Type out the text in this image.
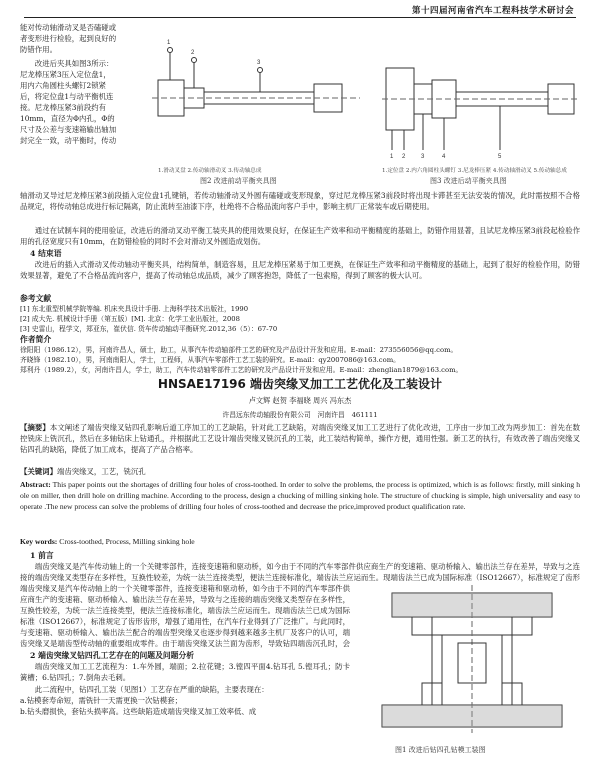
第十四届河南省汽车工程科技学术研讨会
能对传动轴滑动叉是否磕碰或
者变形进行检验，起到良好的
防错作用。
改进后夹具如图3所示：
尼龙棒压紧3压入定位盘1，
用内六角圆柱头螺钉2锁紧
后，将定位盘1与动平衡机连
接。尼龙棒压紧3前段约有
10mm，直径为Φ内孔，Φ的
尺寸及公差与变速箱输出轴加
封完全一致，动平衡时，传动
1
2
3
1.滑动叉盘 2.传动轴滑动叉 3.传动轴总成
图2 改进前动平衡夹具图
1 2	3	4	5
1.定位盘 2.内六角圆柱头螺钉 3.尼龙棒压紧 4.传动轴滑动叉 5.传动轴总成
图3 改进后动平衡夹具图
轴滑动叉导过尼龙棒压紧3前段插入定位盘1孔键销，若传动轴滑动叉外圆有磕碰或变形现象，穿过尼龙棒压紧3前段时将出现卡滞甚至无法安装的情况，此时需按照不合格品规定，将传动轴总成进行标记隔离，防止流转至油漆下序，杜绝将不合格品流向客户手中，影响主机厂正常装车或后期使用。
通过在试制车间的使用验证，改进后的滑动叉动平衡工装夹具的使用效果良好，在保证生产效率和动平衡精度的基础上，防错作用显著，且试尼龙棒压紧3前段起检验作用的孔径宽度只有10mm，在防错检验的同时不会对滑动叉外圆造成划伤。
4 结束语
改进后的插入式滑动叉传动轴动平衡夹具，结构简单，制造容易，且尼龙棒压紧易于加工更换，在保证生产效率和动平衡精度的基础上，起到了很好的检验作用，防错效果显著，避免了不合格品流向客户，提高了传动轴总成品质，减少了顾客抱怨，降低了一包索赔，得到了顾客的极大认可。
参考文献
[1] 东北重型机械学院等编. 机床夹具设计手册. 上海科学技术出版社，1990
[2] 成大先. 机械设计手册（第五版）[M]. 北京：化学工业出版社，2008
[3] 史雷山，程学文，郑亚东，崔伏信. 货车传动轴动平衡研究.2012,36（5）：67-70
作者简介
徐阳阳（1986.12），男，河南许昌人，硕士，助工，从事汽车传动轴部件工艺的研究及产品设计开发和应用。E-mail：273556056@qq.com。
齐晓锋（1982.10），男，河南南阳人，学士，工程师，从事汽车零部件工艺工装的研究。E-mail：qy2007086@163.com。
郑利丹（1989.2），女，河南许昌人，学士，助工，汽车传动轴零部件工艺的研究及产品设计开发和应用。E-mail：zhenglian1879@163.com。
HNSAE17196 端齿突缘叉加工工艺优化及工装设计
卢文辉 赵贺 李福晓 周兴 冯东杰
许昌远东传动轴股份有限公司　河南许昌　461111
【摘要】本文阐述了端齿突缘叉钻四孔影响后道工序加工的工艺缺陷，针对此工艺缺陷，对端齿突缘叉加工工艺进行了优化改进，工序由一步加工改为两步加工：首先在数控铣床上铣沉孔，然后在多轴钻床上钻通孔，并根据此工艺设计端齿突缘叉铣沉孔的工装，此工装结构简单，操作方便，通用性强。新工艺的执行，有效改善了端齿突缘叉钻四孔的缺陷，降低了加工成本，提高了产品合格率。
【关键词】端齿突缘叉，工艺，铣沉孔
Abstract: This paper points out the shortages of drilling four holes of cross-toothed. In order to solve the problems, the process is optimized, which is as follows: firstly, mill sinking hole on miller, then drill hole on drilling machine. According to the process, design a chucking of milling sinking hole. The structure of chucking is simple, high universality and easy to operate .The new process can solve the problems of drilling four holes of cross-toothed and decrease the price,improved product qualification rate.
Key words: Cross-toothed, Process, Milling sinking hole
1 前言
端齿突缘叉是汽车传动轴上的一个关键零部件，连接变速箱和驱动桥，如今由于不同的汽车零部件供应商生产的变速箱、驱动桥输入、输出法兰存在差异，导致与之连接的端齿突缘叉类型存在多样性，互换性较差，为统一法兰连接类型，便法兰连接标准化，端齿法兰应运而生。现端齿法兰已成为国际标准（ISO12667），标准规定了齿形
端齿突缘叉是汽车传动轴上的一个关键零部件，连接变速箱和驱动桥，如今由于不同的汽车零部件供应商生产的变速箱、驱动桥输入、输出法兰存在差异，导致与之连接的端齿突缘叉类型存在多样性，互换性较差，为统一法兰连接类型，便法兰连接标准化，端齿法兰应运而生。现端齿法兰已成为国际标准（ISO12667），标准规定了齿形齿形，增强了通用性，在汽车行业得到了广泛推广。与此同时，与变速箱、驱动桥输入、输出法兰配合的端齿型突缘叉也逐步得到越来越多主机厂及客户的认可，端齿突缘叉是端齿型传动轴的重要组成零件。由于端齿突缘叉法兰面为齿形，导致钻四端齿沉孔时，会
2 端齿突缘叉钻四孔工艺存在的问题及问题分析
端齿突缘叉加工工艺流程为：1.车外圆，端面；2.拉花键；3.镗四平面4.钻耳孔 5.镗耳孔；防卡簧槽；6.钻四孔；7.倒角去毛刺。
此二流程中，钻四孔工装（见图1）工艺存在严重的缺陷，主要表现在：
a.钻模套寿命短，需铣针一天需更换一次钻模套；
b.钻头磨损快，套钻头损率高。这些缺陷造成端齿突缘叉加工效率低、成
图1 改进后钻四孔钻模工装图
